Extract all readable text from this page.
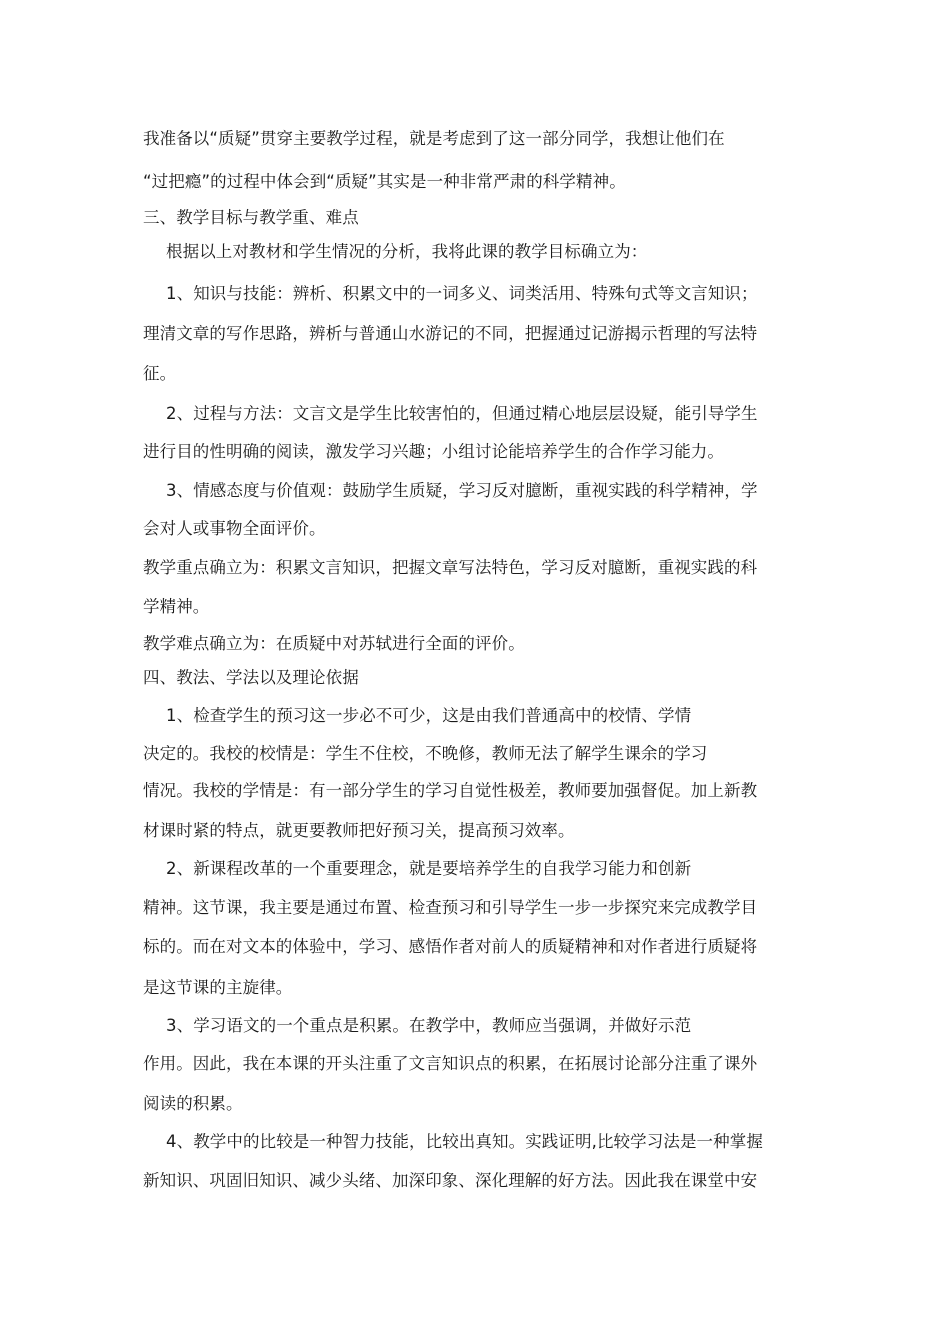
我准备以“质疑”贯穿主要教学过程，就是考虑到了这一部分同学，我想让他们在
“过把瘾”的过程中体会到“质疑”其实是一种非常严肃的科学精神。
三、教学目标与教学重、难点
根据以上对教材和学生情况的分析，我将此课的教学目标确立为：
1、知识与技能：辨析、积累文中的一词多义、词类活用、特殊句式等文言知识；
理清文章的写作思路，辨析与普通山水游记的不同，把握通过记游揭示哲理的写法特
征。
2、过程与方法：文言文是学生比较害怕的，但通过精心地层层设疑，能引导学生
进行目的性明确的阅读，激发学习兴趣；小组讨论能培养学生的合作学习能力。
3、情感态度与价值观：鼓励学生质疑，学习反对臆断，重视实践的科学精神，学
会对人或事物全面评价。
教学重点确立为：积累文言知识，把握文章写法特色，学习反对臆断，重视实践的科
学精神。
教学难点确立为：在质疑中对苏轼进行全面的评价。
四、教法、学法以及理论依据
1、检查学生的预习这一步必不可少，这是由我们普通高中的校情、学情
决定的。我校的校情是：学生不住校，不晚修，教师无法了解学生课余的学习
情况。我校的学情是：有一部分学生的学习自觉性极差，教师要加强督促。加上新教
材课时紧的特点，就更要教师把好预习关，提高预习效率。
2、新课程改革的一个重要理念，就是要培养学生的自我学习能力和创新
精神。这节课，我主要是通过布置、检查预习和引导学生一步一步探究来完成教学目
标的。而在对文本的体验中，学习、感悟作者对前人的质疑精神和对作者进行质疑将
是这节课的主旋律。
3、学习语文的一个重点是积累。在教学中，教师应当强调，并做好示范
作用。因此，我在本课的开头注重了文言知识点的积累，在拓展讨论部分注重了课外
阅读的积累。
4、教学中的比较是一种智力技能，比较出真知。实践证明,比较学习法是一种掌握
新知识、巩固旧知识、减少头绪、加深印象、深化理解的好方法。因此我在课堂中安
